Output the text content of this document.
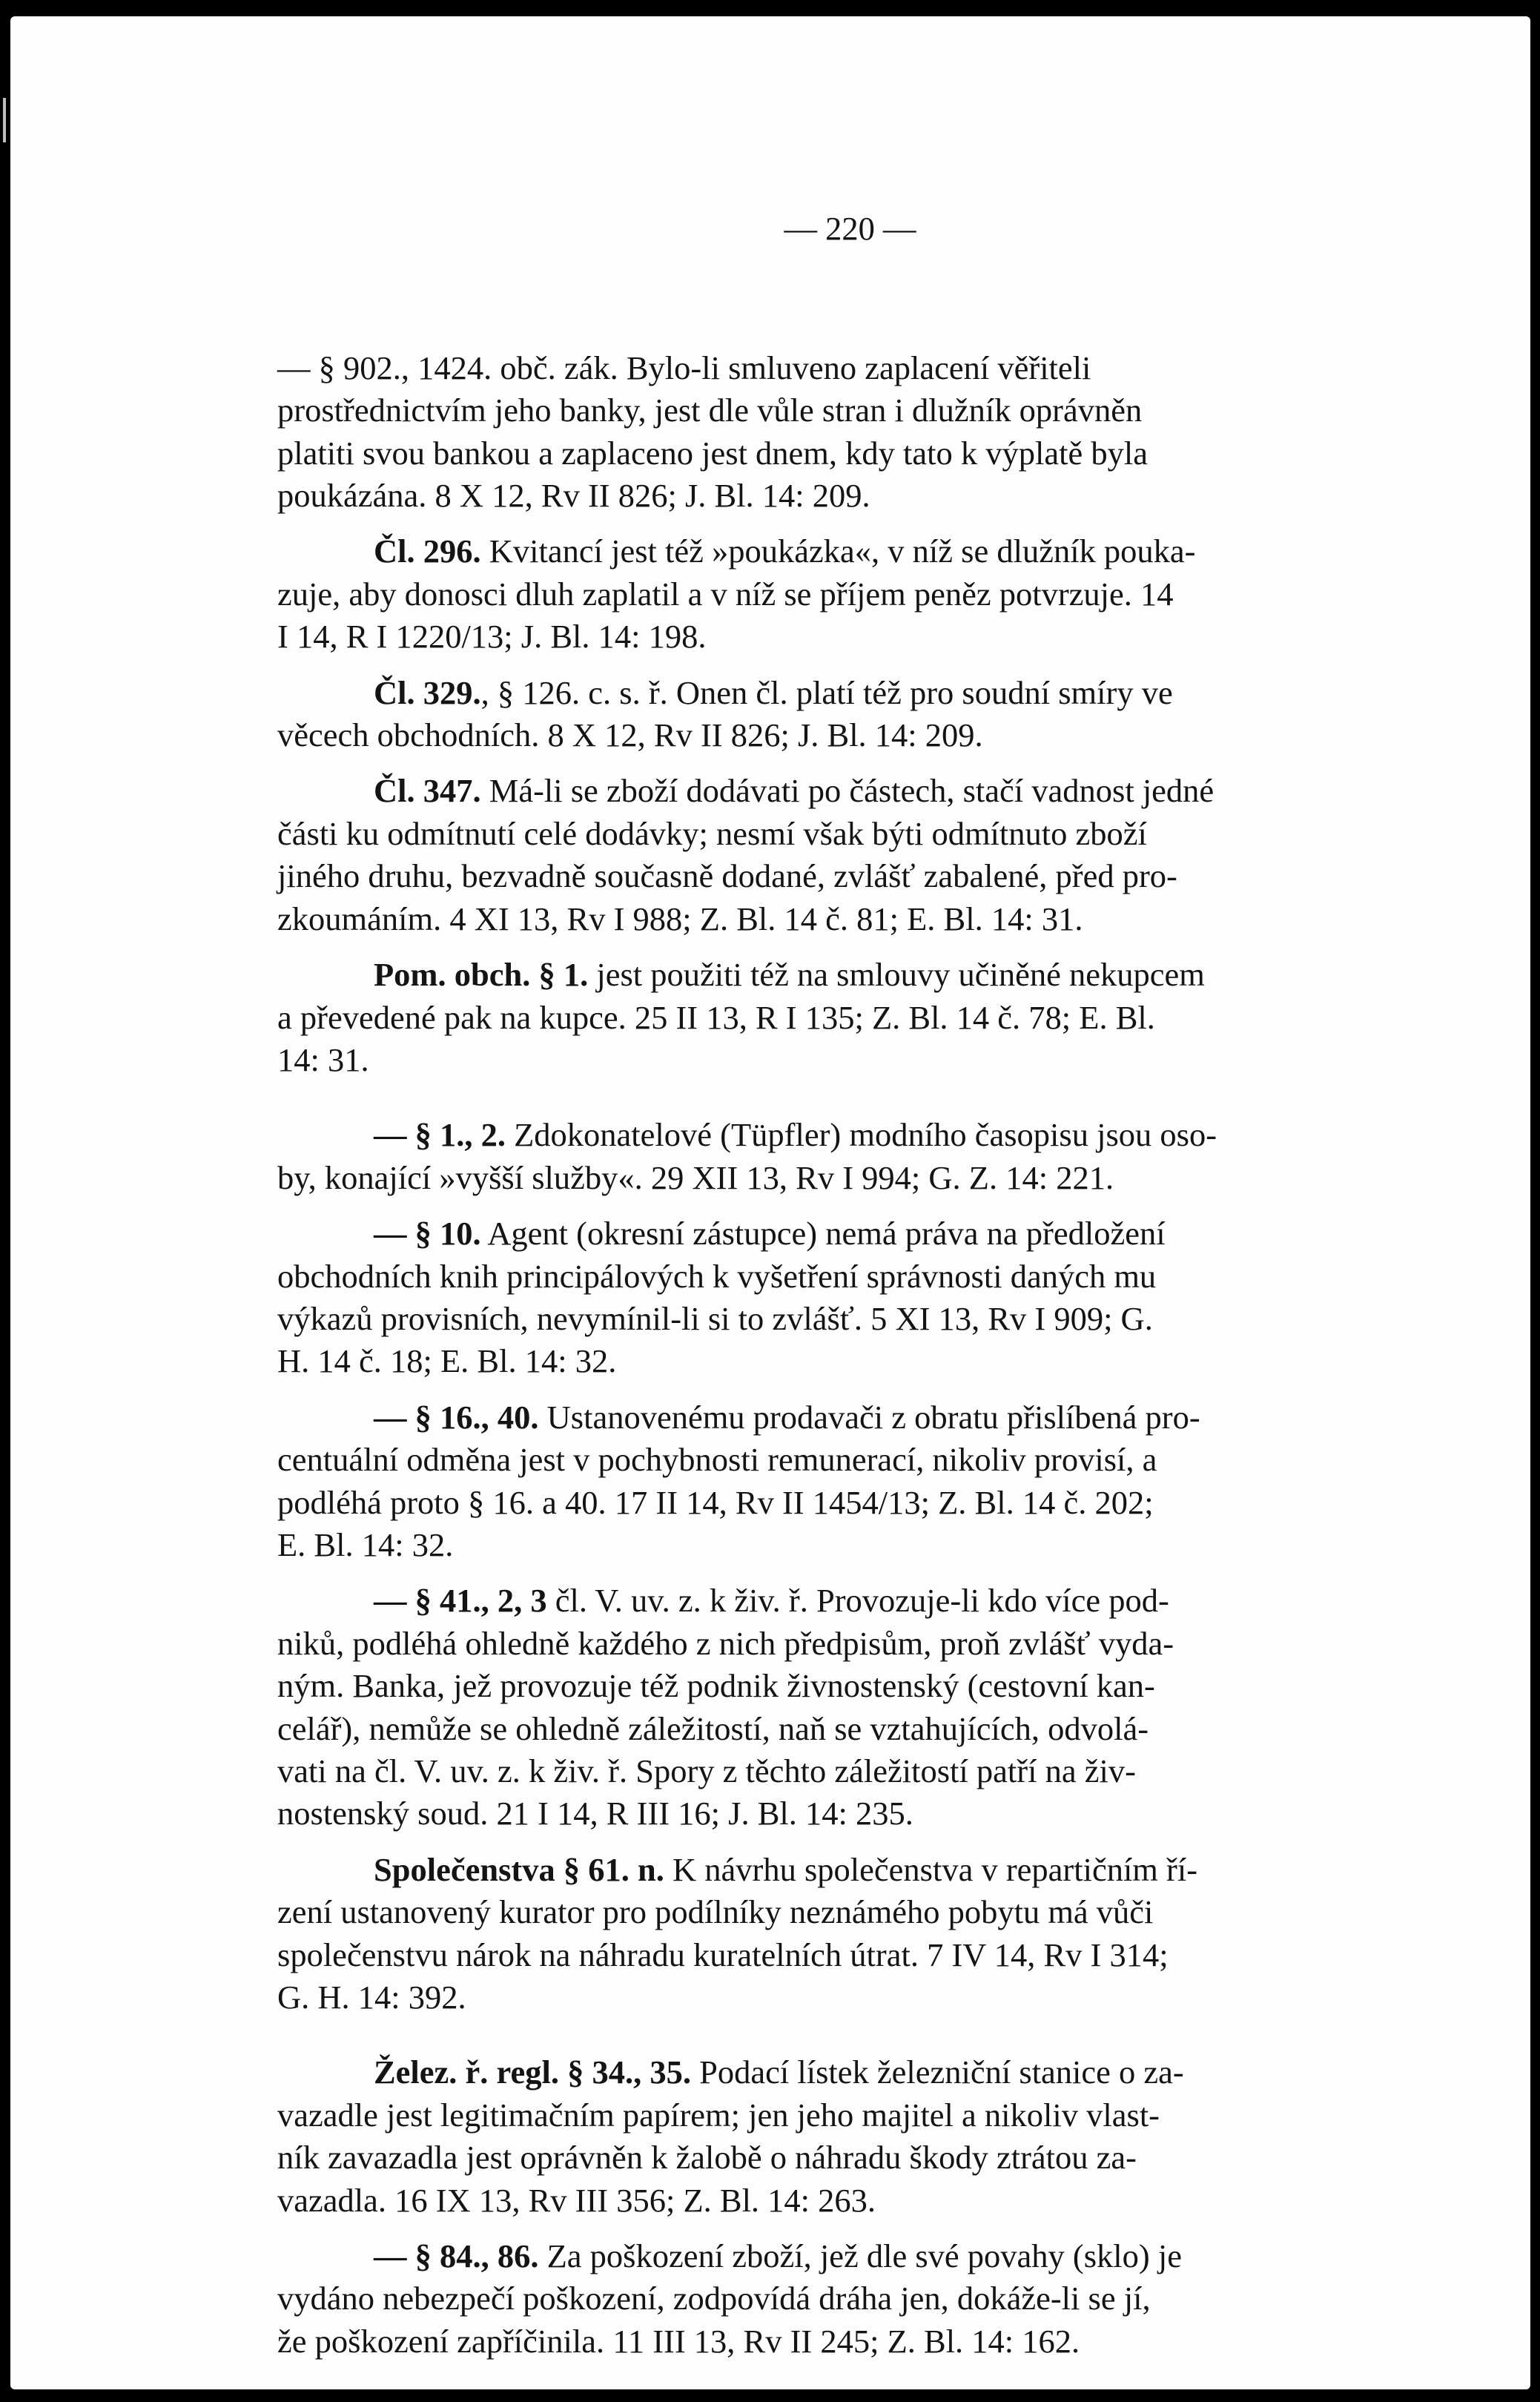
— 220 —

— § 902., 1424. obč. zák. Bylo-li smluveno zaplacení věřiteli
prostřednictvím jeho banky, jest dle vůle stran i dlužník oprávněn
platiti svou bankou a zaplaceno jest dnem, kdy tato k výplatě byla
poukázána. 8 X 12, Rv II 826; J. Bl. 14: 209.

Čl. 296. Kvitancí jest též »poukázka«, v níž se dlužník pouka-
zuje, aby donosci dluh zaplatil a v níž se příjem peněz potvrzuje. 14
I 14, R I 1220/13; J. Bl. 14: 198.

Čl. 329., § 126. c. s. ř. Onen čl. platí též pro soudní smíry ve
věcech obchodních. 8 X 12, Rv II 826; J. Bl. 14: 209.

Čl. 347. Má-li se zboží dodávati po částech, stačí vadnost jedné
části ku odmítnutí celé dodávky; nesmí však býti odmítnuto zboží
jiného druhu, bezvadně současně dodané, zvlášť zabalené, před pro-
zkoumáním. 4 XI 13, Rv I 988; Z. Bl. 14 č. 81; E. Bl. 14: 31.

Pom. obch. § 1. jest použiti též na smlouvy učiněné nekupcem
a převedené pak na kupce. 25 II 13, R I 135; Z. Bl. 14 č. 78; E. Bl.
14: 31.

— § 1., 2. Zdokonatelové (Tüpfler) modního časopisu jsou oso-
by, konající »vyšší služby«. 29 XII 13, Rv I 994; G. Z. 14: 221.

— § 10. Agent (okresní zástupce) nemá práva na předložení
obchodních knih principálových k vyšetření správnosti daných mu
výkazů provisních, nevymínil-li si to zvlášť. 5 XI 13, Rv I 909; G.
H. 14 č. 18; E. Bl. 14: 32.

— § 16., 40. Ustanovenému prodavači z obratu přislíbená pro-
centuální odměna jest v pochybnosti remunerací, nikoliv provisí, a
podléhá proto § 16. a 40. 17 II 14, Rv II 1454/13; Z. Bl. 14 č. 202;
E. Bl. 14: 32.

— § 41., 2, 3 čl. V. uv. z. k živ. ř. Provozuje-li kdo více pod-
niků, podléhá ohledně každého z nich předpisům, proň zvlášť vydа-
ným. Banka, jež provozuje též podnik živnostenský (cestovní kan-
celář), nemůže se ohledně záležitostí, naň se vztahujících, odvolá-
vati na čl. V. uv. z. k živ. ř. Spory z těchto záležitostí patří na živ-
nostenský soud. 21 I 14, R III 16; J. Bl. 14: 235.

Společenstva § 61. n. K návrhu společenstva v repartičním ří-
zení ustanovený kurator pro podílníky neznámého pobytu má vůči
společenstvu nárok na náhradu kuratelních útrat. 7 IV 14, Rv I 314;
G. H. 14: 392.

Želez. ř. regl. § 34., 35. Podací lístek železniční stanice o za-
vazadle jest legitimačním papírem; jen jeho majitel a nikoliv vlast-
ník zavazadla jest oprávněn k žalobě o náhradu škody ztrátou za-
vazadla. 16 IX 13, Rv III 356; Z. Bl. 14: 263.

— § 84., 86. Za poškození zboží, jež dle své povahy (sklo) je
vydáno nebezpečí poškození, zodpovídá dráha jen, dokáže-li se jí,
že poškození zapříčinila. 11 III 13, Rv II 245; Z. Bl. 14: 162.
